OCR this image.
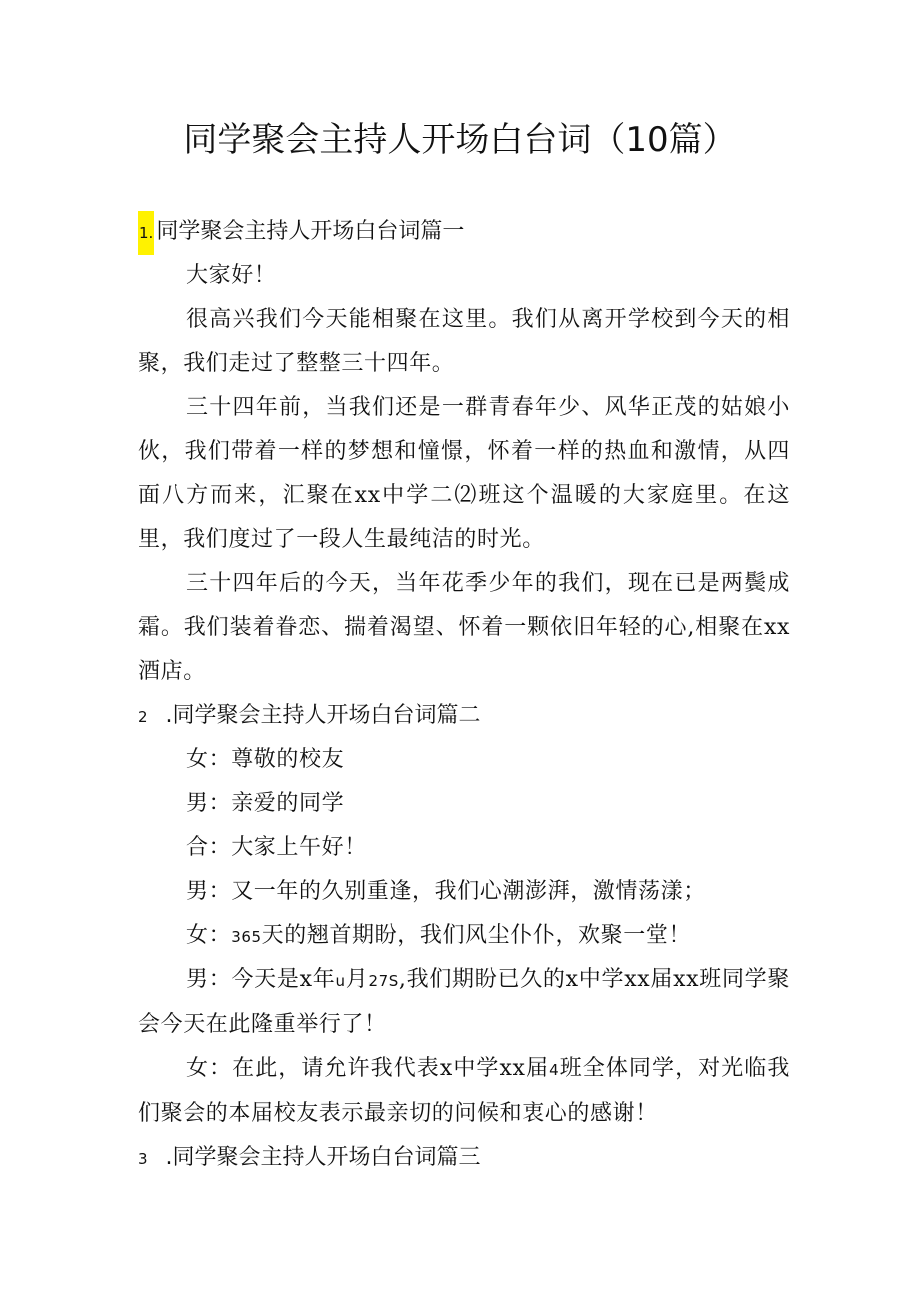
同学聚会主持人开场白台词（10篇）
1. 同学聚会主持人开场白台词篇一
大家好！

很高兴我们今天能相聚在这里。我们从离开学校到今天的相聚，我们走过了整整三十四年。

三十四年前，当我们还是一群青春年少、风华正茂的姑娘小伙，我们带着一样的梦想和憧憬，怀着一样的热血和激情，从四面八方而来，汇聚在xx中学二⑵班这个温暖的大家庭里。在这里，我们度过了一段人生最纯洁的时光。

三十四年后的今天，当年花季少年的我们，现在已是两鬓成霜。我们装着眷恋、揣着渴望、怀着一颗依旧年轻的心,相聚在xx酒店。

2 .同学聚会主持人开场白台词篇二
女：尊敬的校友
男：亲爱的同学
合：大家上午好！
男：又一年的久别重逢，我们心潮澎湃，激情荡漾；
女：365天的翘首期盼，我们风尘仆仆，欢聚一堂！

男：今天是x年u月27S,我们期盼已久的x中学xx届xx班同学聚会今天在此隆重举行了！

女：在此，请允许我代表x中学xx届4班全体同学，对光临我们聚会的本届校友表示最亲切的问候和衷心的感谢！

3 .同学聚会主持人开场白台词篇三
